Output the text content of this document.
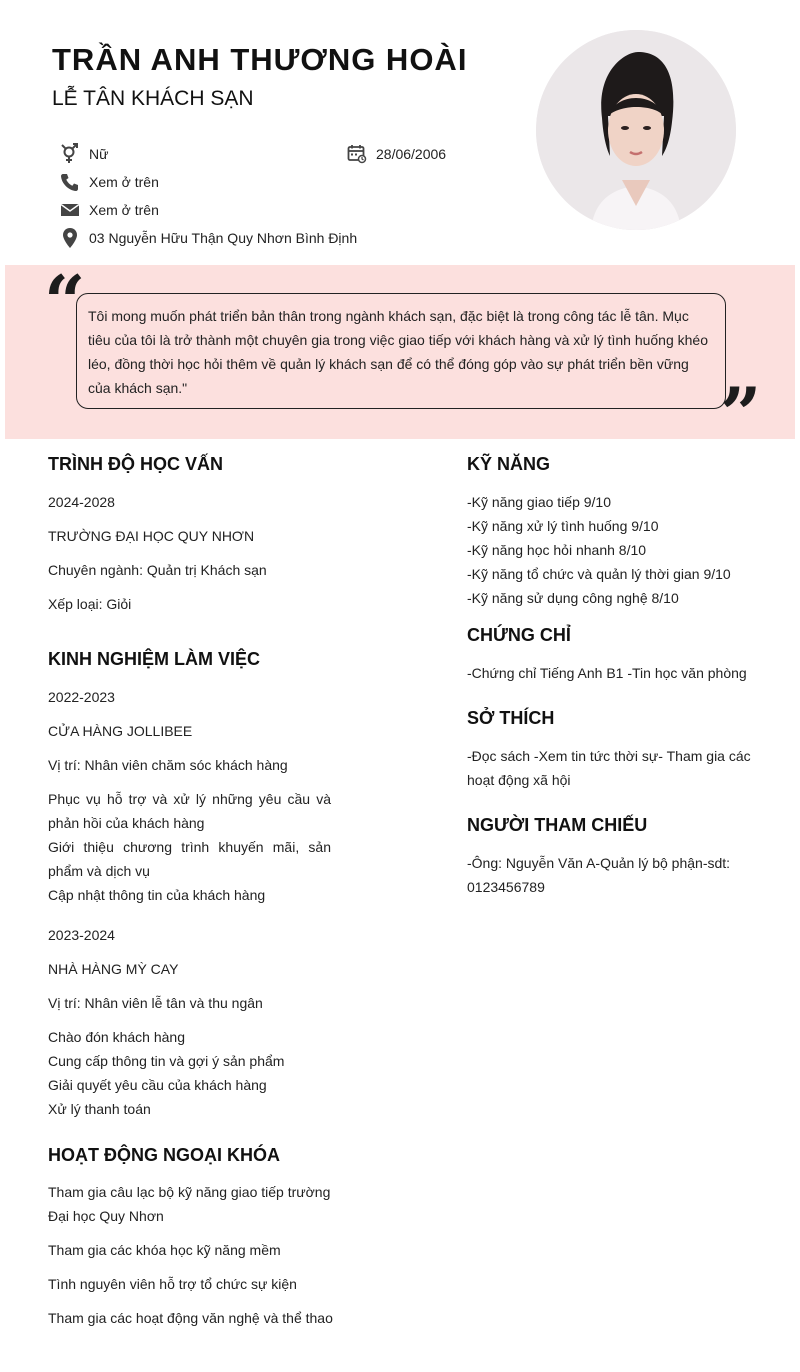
TRẦN ANH THƯƠNG HOÀI
LỄ TÂN KHÁCH SẠN
Nữ	28/06/2006
Xem ở trên
Xem ở trên
03 Nguyễn Hữu Thận Quy Nhơn Bình Định
“ Tôi mong muốn phát triển bản thân trong ngành khách sạn, đặc biệt là trong công tác lễ tân. Mục tiêu của tôi là trở thành một chuyên gia trong việc giao tiếp với khách hàng và xử lý tình huống khéo léo, đồng thời học hỏi thêm về quản lý khách sạn để có thể đóng góp vào sự phát triển bền vững của khách sạn."	”
TRÌNH ĐỘ HỌC VẤN
2024-2028
TRƯỜNG ĐẠI HỌC QUY NHƠN
Chuyên ngành: Quản trị Khách sạn
Xếp loại: Giỏi
KINH NGHIỆM LÀM VIỆC
2022-2023
CỬA HÀNG JOLLIBEE
Vị trí: Nhân viên chăm sóc khách hàng
Phục vụ hỗ trợ và xử lý những yêu cầu và phản hồi của khách hàng
Giới thiệu chương trình khuyến mãi, sản phẩm và dịch vụ
Cập nhật thông tin của khách hàng
2023-2024
NHÀ HÀNG MỲ CAY
Vị trí: Nhân viên lễ tân và thu ngân
Chào đón khách hàng
Cung cấp thông tin và gợi ý sản phẩm
Giải quyết yêu cầu của khách hàng
Xử lý thanh toán
HOẠT ĐỘNG NGOẠI KHÓA
Tham gia câu lạc bộ kỹ năng giao tiếp trường Đại học Quy Nhơn
Tham gia các khóa học kỹ năng mềm
Tình nguyên viên hỗ trợ tổ chức sự kiện
Tham gia các hoạt động văn nghệ và thể thao
KỸ NĂNG
-Kỹ năng giao tiếp 9/10
-Kỹ năng xử lý tình huống 9/10
-Kỹ năng học hỏi nhanh 8/10
-Kỹ năng tổ chức và quản lý thời gian 9/10
-Kỹ năng sử dụng công nghệ 8/10
CHỨNG CHỈ
-Chứng chỉ Tiếng Anh B1 -Tin học văn phòng
SỞ THÍCH
-Đọc sách -Xem tin tức thời sự- Tham gia các hoạt động xã hội
NGƯỜI THAM CHIẾU
-Ông: Nguyễn Văn A-Quản lý bộ phận-sdt: 0123456789
